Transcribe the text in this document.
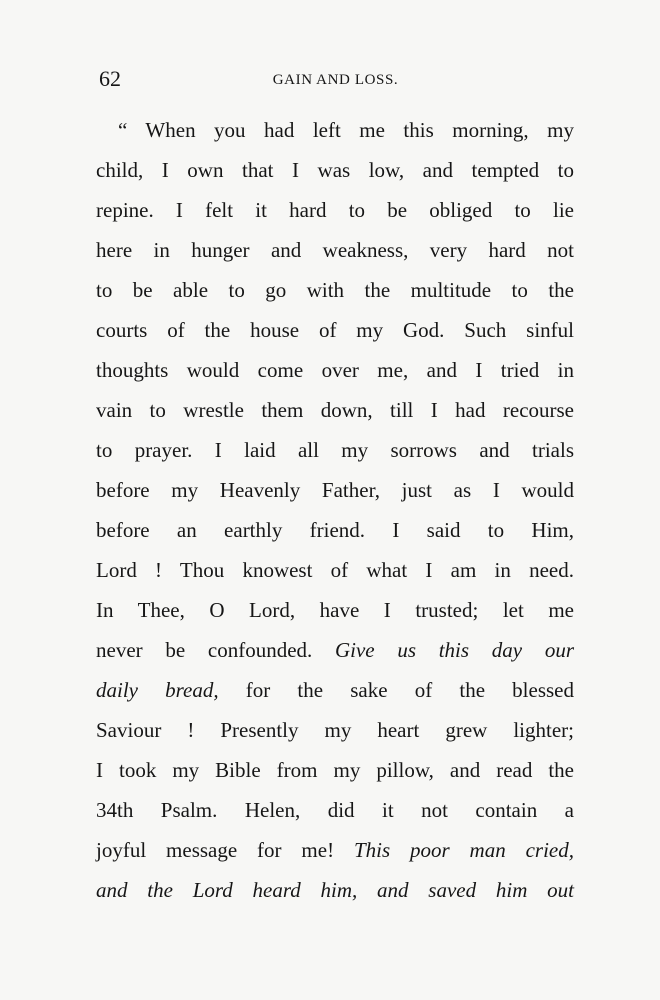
62	GAIN AND LOSS.
“ When you had left me this morning, my
child, I own that I was low, and tempted to
repine. I felt it hard to be obliged to lie
here in hunger and weakness, very hard not
to be able to go with the multitude to the
courts of the house of my God. Such sinful
thoughts would come over me, and I tried in
vain to wrestle them down, till I had recourse
to prayer. I laid all my sorrows and trials
before my Heavenly Father, just as I would
before an earthly friend. I said to Him,
Lord ! Thou knowest of what I am in need.
In Thee, O Lord, have I trusted; let me
never be confounded. Give us this day our
daily bread, for the sake of the blessed
Saviour ! Presently my heart grew lighter;
I took my Bible from my pillow, and read the
34th Psalm. Helen, did it not contain a
joyful message for me! This poor man cried,
and the Lord heard him, and saved him out
